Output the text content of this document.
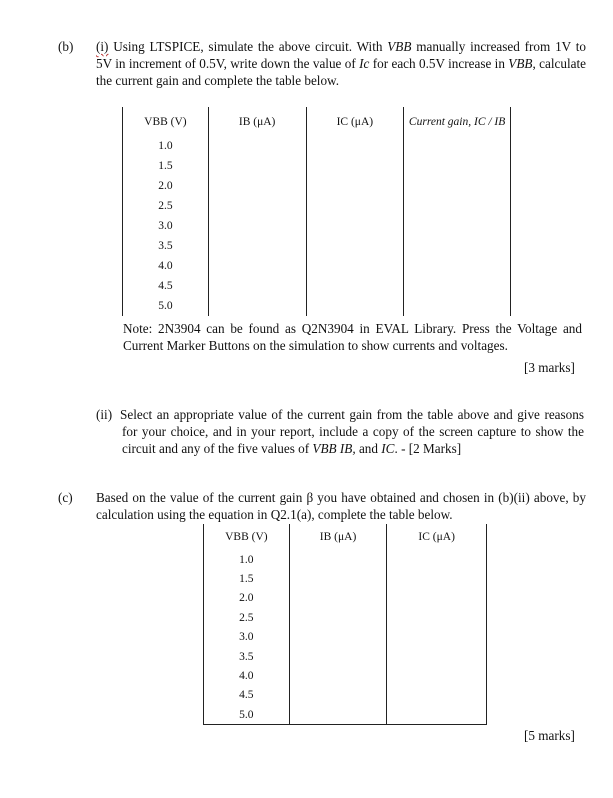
(b) (i) Using LTSPICE, simulate the above circuit. With VBB manually increased from 1V to 5V in increment of 0.5V, write down the value of Ic for each 0.5V increase in VBB, calculate the current gain and complete the table below.
VBB (V)	IB (μA)	IC (μA)	Current gain, IC / IB
1.0			
1.5			
2.0			
2.5			
3.0			
3.5			
4.0			
4.5			
5.0			
Note: 2N3904 can be found as Q2N3904 in EVAL Library. Press the Voltage and Current Marker Buttons on the simulation to show currents and voltages.
[3 marks]
(ii) Select an appropriate value of the current gain from the table above and give reasons for your choice, and in your report, include a copy of the screen capture to show the circuit and any of the five values of VBB IB, and IC. - [2 Marks]
(c) Based on the value of the current gain β you have obtained and chosen in (b)(ii) above, by calculation using the equation in Q2.1(a), complete the table below.
VBB (V)	IB (μA)	IC (μA)
1.0		
1.5		
2.0		
2.5		
3.0		
3.5		
4.0		
4.5		
5.0		
[5 marks]
